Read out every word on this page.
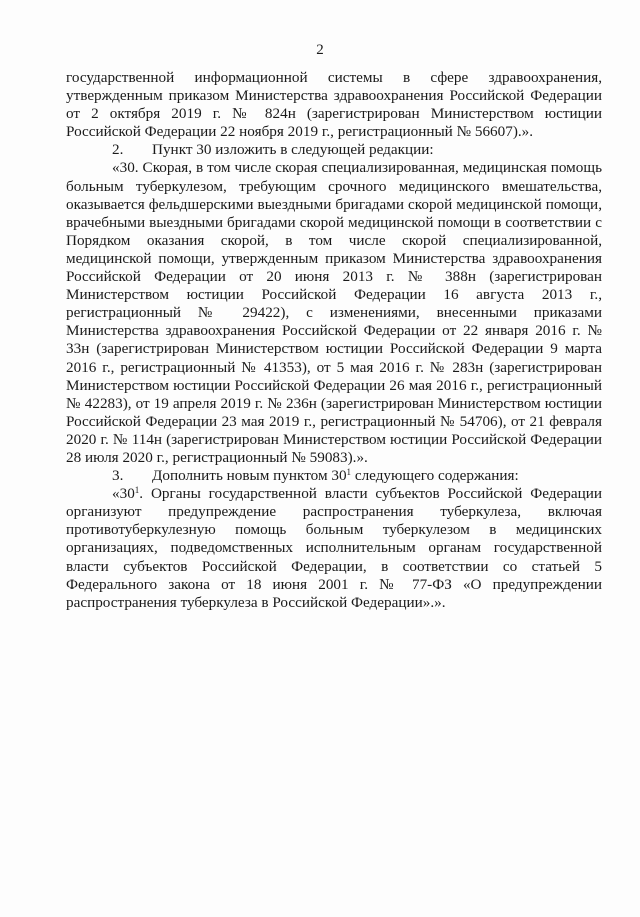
2

государственной информационной системы в сфере здравоохранения, утвержденным приказом Министерства здравоохранения Российской Федерации от 2 октября 2019 г. № 824н (зарегистрирован Министерством юстиции Российской Федерации 22 ноября 2019 г., регистрационный № 56607).».

2. Пункт 30 изложить в следующей редакции:

«30. Скорая, в том числе скорая специализированная, медицинская помощь больным туберкулезом, требующим срочного медицинского вмешательства, оказывается фельдшерскими выездными бригадами скорой медицинской помощи, врачебными выездными бригадами скорой медицинской помощи в соответствии с Порядком оказания скорой, в том числе скорой специализированной, медицинской помощи, утвержденным приказом Министерства здравоохранения Российской Федерации от 20 июня 2013 г. № 388н (зарегистрирован Министерством юстиции Российской Федерации 16 августа 2013 г., регистрационный № 29422), с изменениями, внесенными приказами Министерства здравоохранения Российской Федерации от 22 января 2016 г. № 33н (зарегистрирован Министерством юстиции Российской Федерации 9 марта 2016 г., регистрационный № 41353), от 5 мая 2016 г. № 283н (зарегистрирован Министерством юстиции Российской Федерации 26 мая 2016 г., регистрационный № 42283), от 19 апреля 2019 г. № 236н (зарегистрирован Министерством юстиции Российской Федерации 23 мая 2019 г., регистрационный № 54706), от 21 февраля 2020 г. № 114н (зарегистрирован Министерством юстиции Российской Федерации 28 июля 2020 г., регистрационный № 59083).».

3. Дополнить новым пунктом $30^1$ следующего содержания:

«$30^1$. Органы государственной власти субъектов Российской Федерации организуют предупреждение распространения туберкулеза, включая противотуберкулезную помощь больным туберкулезом в медицинских организациях, подведомственных исполнительным органам государственной власти субъектов Российской Федерации, в соответствии со статьей 5 Федерального закона от 18 июня 2001 г. № 77-ФЗ «О предупреждении распространения туберкулеза в Российской Федерации».».
